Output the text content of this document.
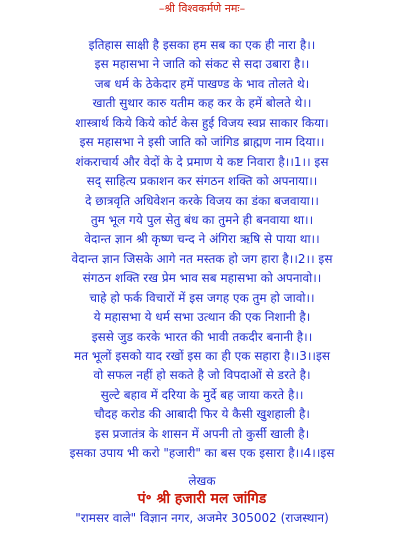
–श्री विश्वकर्मणे नमः–
इतिहास साक्षी है इसका हम सब का एक ही नारा है।।
इस महासभा ने जाति को संकट से सदा उबारा है।।
जब धर्म के ठेकेदार हमें पाखण्ड के भाव तोलते थे।
खाती सुथार कारु यतीम कह कर के हमें बोलते थे।।
शास्त्रार्थ किये किये कोर्ट केस हुई विजय स्वप्न साकार किया।
इस महासभा ने इसी जाति को जांगिड ब्राह्मण नाम दिया।।
शंकराचार्य और वेदों के दे प्रमाण ये कष्ट निवारा है।।1।। इस
सद् साहित्य प्रकाशन कर संगठन शक्ति को अपनाया।।
दे छात्रवृति अधिवेशन करके विजय का डंका बजवाया।।
तुम भूल गये पुल सेतु बंध का तुमने ही बनवाया था।।
वेदान्त ज्ञान श्री कृष्ण चन्द ने अंगिरा ऋषि से पाया था।।
वेदान्त ज्ञान जिसके आगे नत मस्तक हो जग हारा है।।2।। इस
संगठन शक्ति रख प्रेम भाव सब महासभा को अपनावो।।
चाहे हो फर्क विचारों में इस जगह एक तुम हो जावो।।
ये महासभा ये धर्म सभा उत्थान की एक निशानी है।
इससे जुड करके भारत की भावी तकदीर बनानी है।।
मत भूलों इसको याद रखों इस का ही एक सहारा है।।3।।इस
वो सफल नहीं हो सकते है जो विपदाओं से डरते है।
सुल्टे बहाव में दरिया के मुर्दे बह जाया करते है।।
चौदह करोड की आबादी फिर ये कैसी खुशहाली है।
इस प्रजातंत्र के शासन में अपनी तो कुर्सी खाली है।
इसका उपाय भी करो "हजारी" का बस एक इसारा है।।4।।इस
लेखक
पं॰ श्री हजारी मल जांगिड
"रामसर वाले" विज्ञान नगर, अजमेर 305002 (राजस्थान)
